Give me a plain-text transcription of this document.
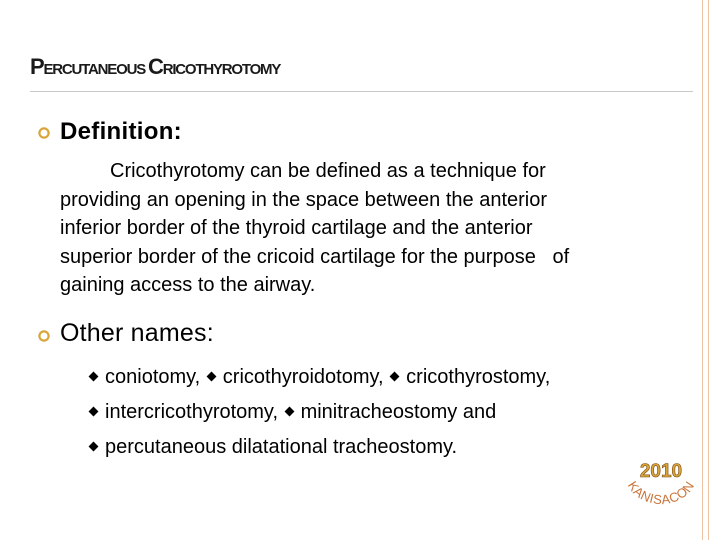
PERCUTANEOUS CRICOTHYROTOMY
Definition:
Cricothyrotomy can be defined as a technique for
providing an opening in the space between the anterior
inferior border of the thyroid cartilage and the anterior
superior border of the cricoid cartilage for the purpose   of
gaining access to the airway.
Other names:
coniotomy, cricothyroidotomy, cricothyrostomy,
intercricothyrotomy, minitracheostomy and
percutaneous dilatational tracheostomy.
2010
KANISACON
